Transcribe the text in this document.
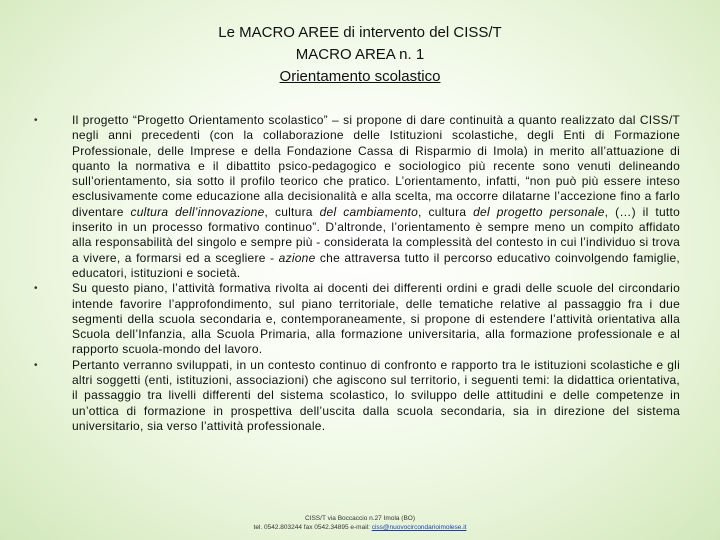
Le MACRO AREE di intervento del CISS/T
MACRO AREA n. 1
Orientamento scolastico
•	Il progetto “Progetto Orientamento scolastico” – si propone di dare continuità a quanto realizzato dal CISS/T negli anni precedenti (con la collaborazione delle Istituzioni scolastiche, degli Enti di Formazione Professionale, delle Imprese e della Fondazione Cassa di Risparmio di Imola) in merito all’attuazione di quanto la normativa e il dibattito psico-pedagogico e sociologico più recente sono venuti delineando sull’orientamento, sia sotto il profilo teorico che pratico. L’orientamento, infatti, “non può più essere inteso esclusivamente come educazione alla decisionalità e alla scelta, ma occorre dilatarne l’accezione fino a farlo diventare cultura dell’innovazione, cultura del cambiamento, cultura del progetto personale, (…) il tutto inserito in un processo formativo continuo”. D’altronde, l’orientamento è sempre meno un compito affidato alla responsabilità del singolo e sempre più - considerata la complessità del contesto in cui l’individuo si trova a vivere, a formarsi ed a scegliere - azione che attraversa tutto il percorso educativo coinvolgendo famiglie, educatori, istituzioni e società.
•	Su questo piano, l’attività formativa rivolta ai docenti dei differenti ordini e gradi delle scuole del circondario intende favorire l’approfondimento, sul piano territoriale, delle tematiche relative al passaggio fra i due segmenti della scuola secondaria e, contemporaneamente, si propone di estendere l’attività orientativa alla Scuola dell’Infanzia, alla Scuola Primaria, alla formazione universitaria, alla formazione professionale e al rapporto scuola-mondo del lavoro.
•	Pertanto verranno sviluppati, in un contesto continuo di confronto e rapporto tra le istituzioni scolastiche e gli altri soggetti (enti, istituzioni, associazioni) che agiscono sul territorio, i seguenti temi: la didattica orientativa, il passaggio tra livelli differenti del sistema scolastico, lo sviluppo delle attitudini e delle competenze in un’ottica di formazione in prospettiva dell’uscita dalla scuola secondaria, sia in direzione del sistema universitario, sia verso l’attività professionale.
CISS/T via Boccaccio n.27 Imola (BO)
tel. 0542.803244 fax 0542.34895 e-mail: ciss@nuovocircondarioimolese.it
